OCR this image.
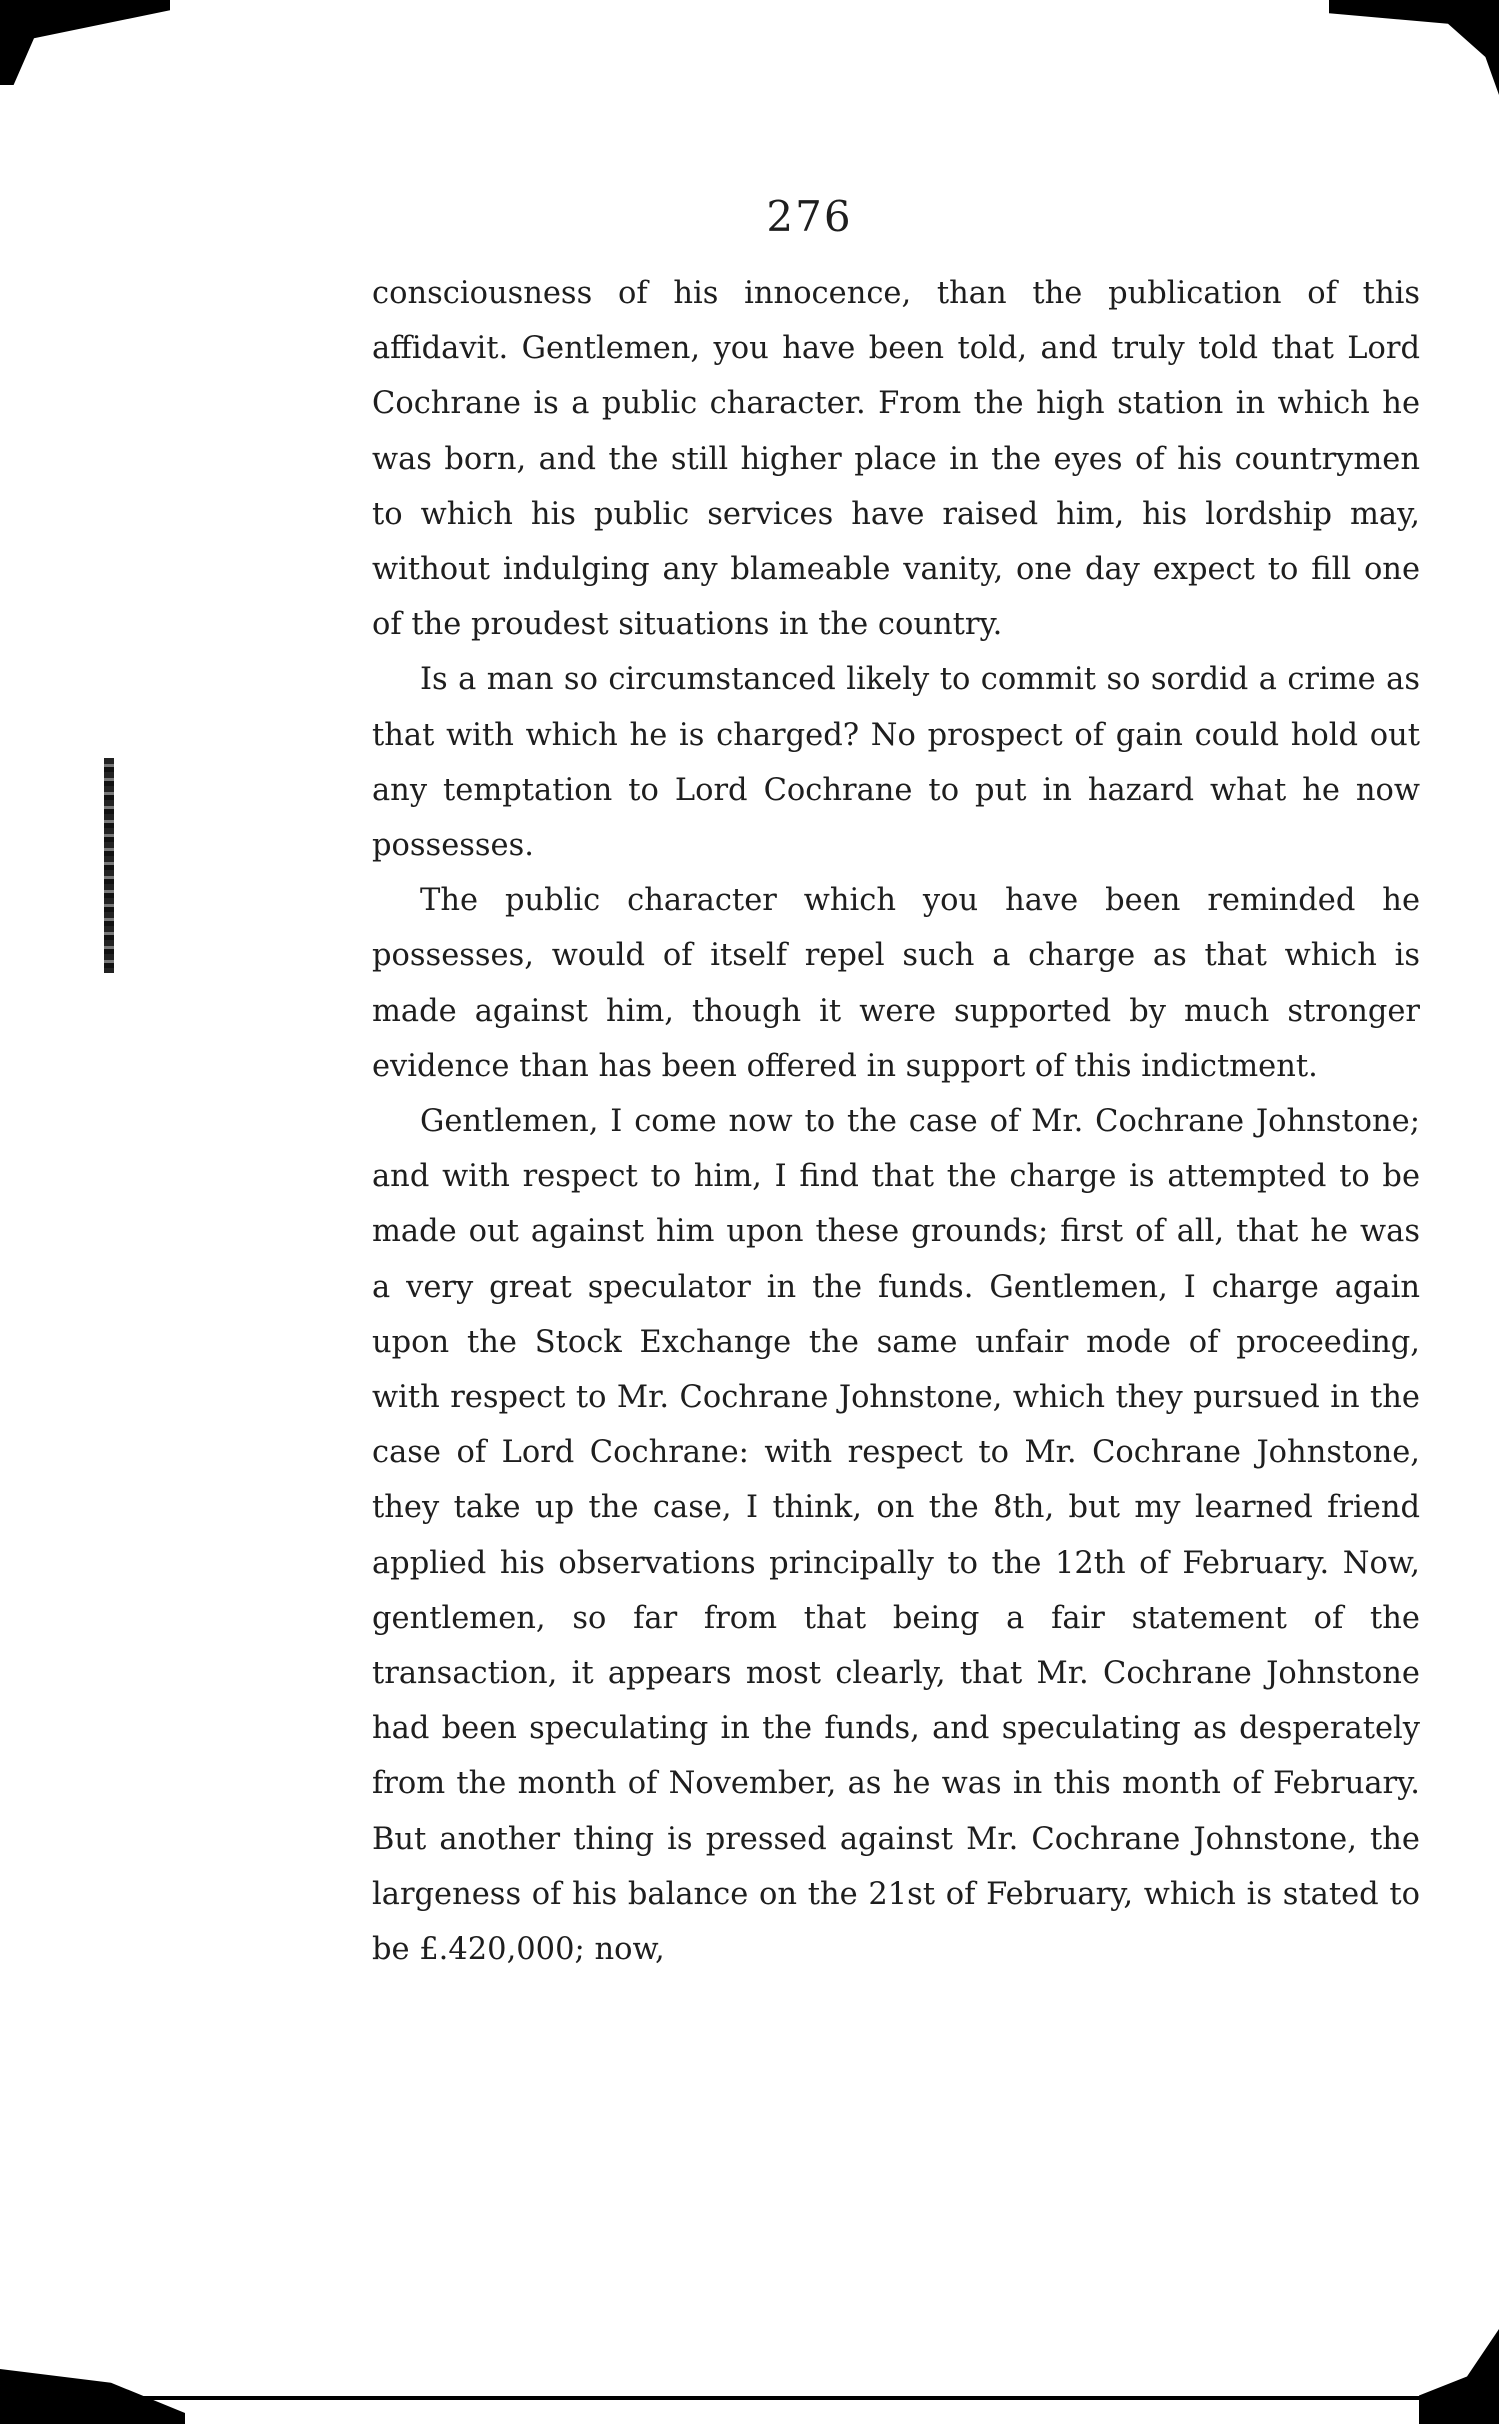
276

consciousness of his innocence, than the publication of this affidavit. Gentlemen, you have been told, and truly told that Lord Cochrane is a public character. From the high station in which he was born, and the still higher place in the eyes of his countrymen to which his public services have raised him, his lordship may, without indulging any blameable vanity, one day expect to fill one of the proudest situations in the country.

Is a man so circumstanced likely to commit so sordid a crime as that with which he is charged? No prospect of gain could hold out any temptation to Lord Cochrane to put in hazard what he now possesses.

The public character which you have been reminded he possesses, would of itself repel such a charge as that which is made against him, though it were supported by much stronger evidence than has been offered in support of this indictment.

Gentlemen, I come now to the case of Mr. Cochrane Johnstone; and with respect to him, I find that the charge is attempted to be made out against him upon these grounds; first of all, that he was a very great speculator in the funds. Gentlemen, I charge again upon the Stock Exchange the same unfair mode of proceeding, with respect to Mr. Cochrane Johnstone, which they pursued in the case of Lord Cochrane: with respect to Mr. Cochrane Johnstone, they take up the case, I think, on the 8th, but my learned friend applied his observations principally to the 12th of February. Now, gentlemen, so far from that being a fair statement of the transaction, it appears most clearly, that Mr. Cochrane Johnstone had been speculating in the funds, and speculating as desperately from the month of November, as he was in this month of February. But another thing is pressed against Mr. Cochrane Johnstone, the largeness of his balance on the 21st of February, which is stated to be £.420,000; now,
